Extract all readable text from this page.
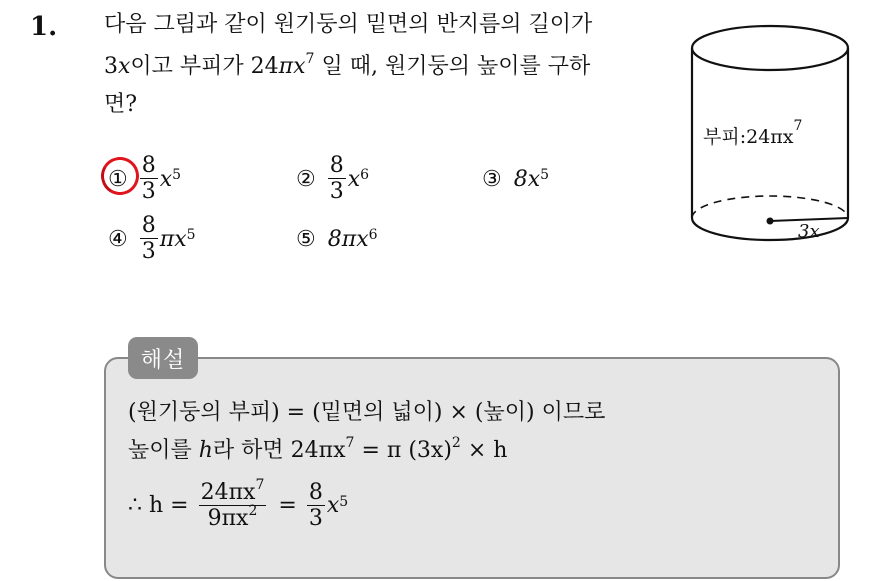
1. 다음 그림과 같이 원기둥의 밑면의 반지름의 길이가
3x이고 부피가 $24\pi x^7$ 일 때, 원기둥의 높이를 구하
면?
① $\frac{8}{3} x^5$	② $\frac{8}{3} x^6$	③ $8x^5$
④ $\frac{8}{3} \pi x^5$	⑤ $8\pi x^6$
부피$:24\pi x^7$
3x
해설
(원기둥의 부피) = (밑면의 넓이) × (높이) 이므로
높이를 h라 하면 $24\pi x^7 = \pi$ $(3x)^2 \times h$
∴ $h = \frac{24\pi x^7}{9\pi x^2} = \frac{8}{3} x^5$
